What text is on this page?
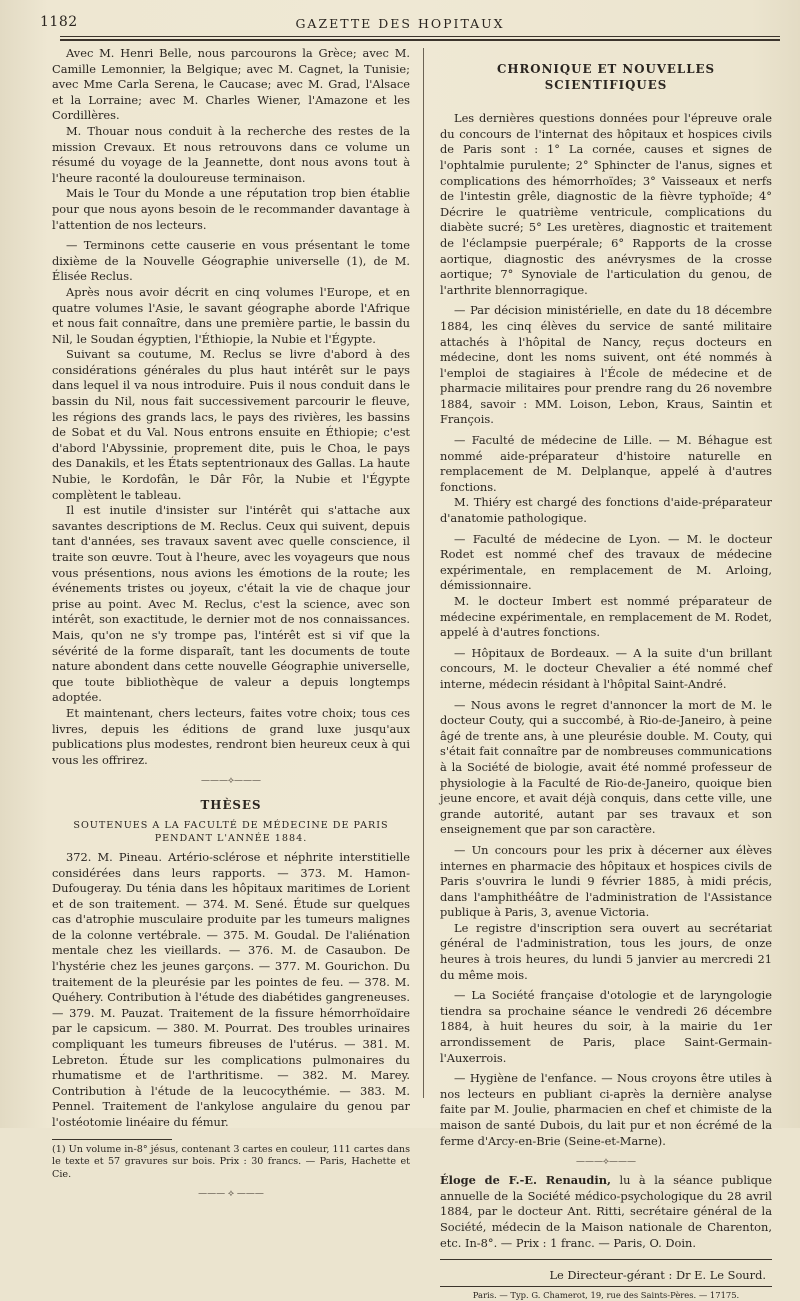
1182	GAZETTE DES HOPITAUX

Avec M. Henri Belle, nous parcourons la Grèce; avec M. Camille Lemonnier, la Belgique; avec M. Cagnet, la Tunisie; avec Mme Carla Serena, le Caucase; avec M. Grad, l'Alsace et la Lorraine; avec M. Charles Wiener, l'Amazone et les Cordillères.

M. Thouar nous conduit à la recherche des restes de la mission Crevaux. Et nous retrouvons dans ce volume un résumé du voyage de la Jeannette, dont nous avons tout à l'heure raconté la douloureuse terminaison.

Mais le Tour du Monde a une réputation trop bien établie pour que nous ayons besoin de le recommander davantage à l'attention de nos lecteurs.

— Terminons cette causerie en vous présentant le tome dixième de la Nouvelle Géographie universelle (1), de M. Élisée Reclus.

Après nous avoir décrit en cinq volumes l'Europe, et en quatre volumes l'Asie, le savant géographe aborde l'Afrique et nous fait connaître, dans une première partie, le bassin du Nil, le Soudan égyptien, l'Éthiopie, la Nubie et l'Égypte.

Suivant sa coutume, M. Reclus se livre d'abord à des considérations générales du plus haut intérêt sur le pays dans lequel il va nous introduire. Puis il nous conduit dans le bassin du Nil, nous fait successivement parcourir le fleuve, les régions des grands lacs, le pays des rivières, les bassins de Sobat et du Val. Nous entrons ensuite en Éthiopie; c'est d'abord l'Abyssinie, proprement dite, puis le Choa, le pays des Danakils, et les États septentrionaux des Gallas. La haute Nubie, le Kordofân, le Dâr Fôr, la Nubie et l'Égypte complètent le tableau.

Il est inutile d'insister sur l'intérêt qui s'attache aux savantes descriptions de M. Reclus. Ceux qui suivent, depuis tant d'années, ses travaux savent avec quelle conscience, il traite son œuvre. Tout à l'heure, avec les voyageurs que nous vous présentions, nous avions les émotions de la route; les événements tristes ou joyeux, c'était la vie de chaque jour prise au point. Avec M. Reclus, c'est la science, avec son intérêt, son exactitude, le dernier mot de nos connaissances. Mais, qu'on ne s'y trompe pas, l'intérêt est si vif que la sévérité de la forme disparaît, tant les documents de toute nature abondent dans cette nouvelle Géographie universelle, que toute bibliothèque de valeur a depuis longtemps adoptée.

Et maintenant, chers lecteurs, faites votre choix; tous ces livres, depuis les éditions de grand luxe jusqu'aux publications plus modestes, rendront bien heureux ceux à qui vous les offrirez.

———⟡———
THÈSES
SOUTENUES A LA FACULTÉ DE MÉDECINE DE PARIS
PENDANT L'ANNÉE 1884.

372. M. Pineau. Artério-sclérose et néphrite interstitielle considérées dans leurs rapports. — 373. M. Hamon-Dufougeray. Du ténia dans les hôpitaux maritimes de Lorient et de son traitement. — 374. M. Sené. Étude sur quelques cas d'atrophie musculaire produite par les tumeurs malignes de la colonne vertébrale. — 375. M. Goudal. De l'aliénation mentale chez les vieillards. — 376. M. de Casaubon. De l'hystérie chez les jeunes garçons. — 377. M. Gourichon. Du traitement de la pleurésie par les pointes de feu. — 378. M. Quéhery. Contribution à l'étude des diabétides gangreneuses. — 379. M. Pauzat. Traitement de la fissure hémorrhoïdaire par le capsicum. — 380. M. Pourrat. Des troubles urinaires compliquant les tumeurs fibreuses de l'utérus. — 381. M. Lebreton. Étude sur les complications pulmonaires du rhumatisme et de l'arthritisme. — 382. M. Marey. Contribution à l'étude de la leucocythémie. — 383. M. Pennel. Traitement de l'ankylose angulaire du genou par l'ostéotomie linéaire du fémur.

(1) Un volume in-8° jésus, contenant 3 cartes en couleur, 111 cartes dans le texte et 57 gravures sur bois. Prix : 30 francs. — Paris, Hachette et Cie.

——— ⟡ ———
CHRONIQUE ET NOUVELLES SCIENTIFIQUES

Les dernières questions données pour l'épreuve orale du concours de l'internat des hôpitaux et hospices civils de Paris sont : 1° La cornée, causes et signes de l'ophtalmie purulente; 2° Sphincter de l'anus, signes et complications des hémorrhoïdes; 3° Vaisseaux et nerfs de l'intestin grêle, diagnostic de la fièvre typhoïde; 4° Décrire le quatrième ventricule, complications du diabète sucré; 5° Les uretères, diagnostic et traitement de l'éclampsie puerpérale; 6° Rapports de la crosse aortique, diagnostic des anévrysmes de la crosse aortique; 7° Synoviale de l'articulation du genou, de l'arthrite blennorragique.

— Par décision ministérielle, en date du 18 décembre 1884, les cinq élèves du service de santé militaire attachés à l'hôpital de Nancy, reçus docteurs en médecine, dont les noms suivent, ont été nommés à l'emploi de stagiaires à l'École de médecine et de pharmacie militaires pour prendre rang du 26 novembre 1884, savoir : MM. Loison, Lebon, Kraus, Saintin et François.

— Faculté de médecine de Lille. — M. Béhague est nommé aide-préparateur d'histoire naturelle en remplacement de M. Delplanque, appelé à d'autres fonctions.

M. Thiéry est chargé des fonctions d'aide-préparateur d'anatomie pathologique.

— Faculté de médecine de Lyon. — M. le docteur Rodet est nommé chef des travaux de médecine expérimentale, en remplacement de M. Arloing, démissionnaire.

M. le docteur Imbert est nommé préparateur de médecine expérimentale, en remplacement de M. Rodet, appelé à d'autres fonctions.

— Hôpitaux de Bordeaux. — A la suite d'un brillant concours, M. le docteur Chevalier a été nommé chef interne, médecin résidant à l'hôpital Saint-André.

— Nous avons le regret d'annoncer la mort de M. le docteur Couty, qui a succombé, à Rio-de-Janeiro, à peine âgé de trente ans, à une pleurésie double. M. Couty, qui s'était fait connaître par de nombreuses communications à la Société de biologie, avait été nommé professeur de physiologie à la Faculté de Rio-de-Janeiro, quoique bien jeune encore, et avait déjà conquis, dans cette ville, une grande autorité, autant par ses travaux et son enseignement que par son caractère.

— Un concours pour les prix à décerner aux élèves internes en pharmacie des hôpitaux et hospices civils de Paris s'ouvrira le lundi 9 février 1885, à midi précis, dans l'amphithéâtre de l'administration de l'Assistance publique à Paris, 3, avenue Victoria.

Le registre d'inscription sera ouvert au secrétariat général de l'administration, tous les jours, de onze heures à trois heures, du lundi 5 janvier au mercredi 21 du même mois.

— La Société française d'otologie et de laryngologie tiendra sa prochaine séance le vendredi 26 décembre 1884, à huit heures du soir, à la mairie du 1er arrondissement de Paris, place Saint-Germain-l'Auxerrois.

— Hygiène de l'enfance. — Nous croyons être utiles à nos lecteurs en publiant ci-après la dernière analyse faite par M. Joulie, pharmacien en chef et chimiste de la maison de santé Dubois, du lait pur et non écrémé de la ferme d'Arcy-en-Brie (Seine-et-Marne).

———⟡———

Éloge de F.-E. Renaudin, lu à la séance publique annuelle de la Société médico-psychologique du 28 avril 1884, par le docteur Ant. Ritti, secrétaire général de la Société, médecin de la Maison nationale de Charenton, etc. In-8°. — Prix : 1 franc. — Paris, O. Doin.

Le Directeur-gérant : Dr E. Le Sourd.

Paris. — Typ. G. Chamerot, 19, rue des Saints-Pères. — 17175.
